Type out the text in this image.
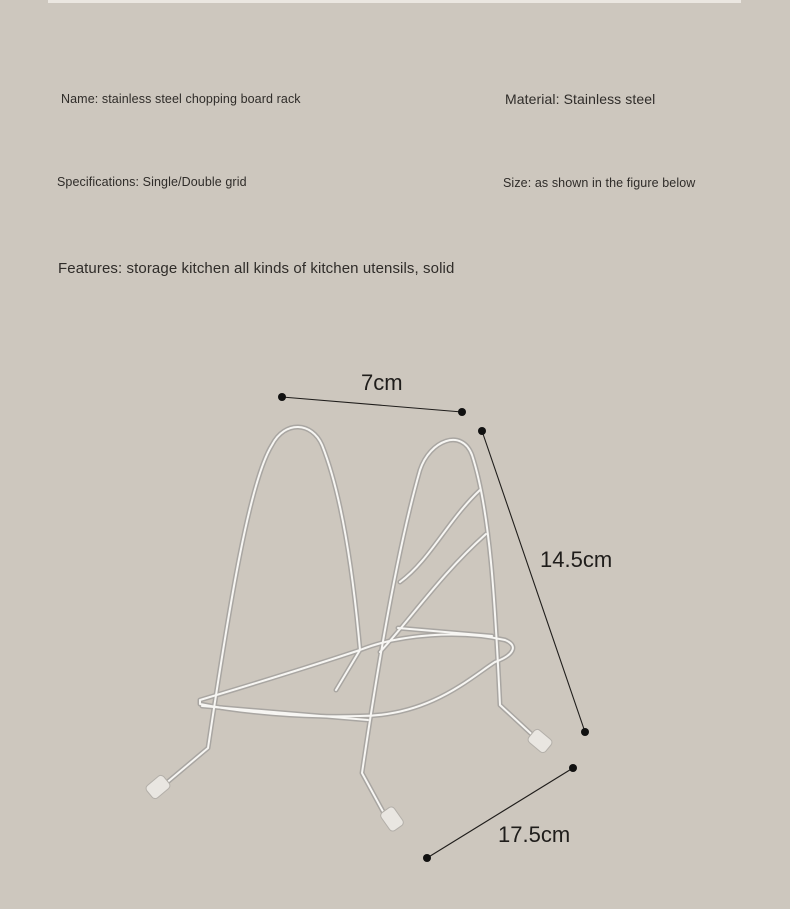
Name: stainless steel chopping board rack	Material: Stainless steel
Specifications: Single/Double grid	Size: as shown in the figure below
Features: storage kitchen all kinds of kitchen utensils, solid
7cm
14.5cm
17.5cm
